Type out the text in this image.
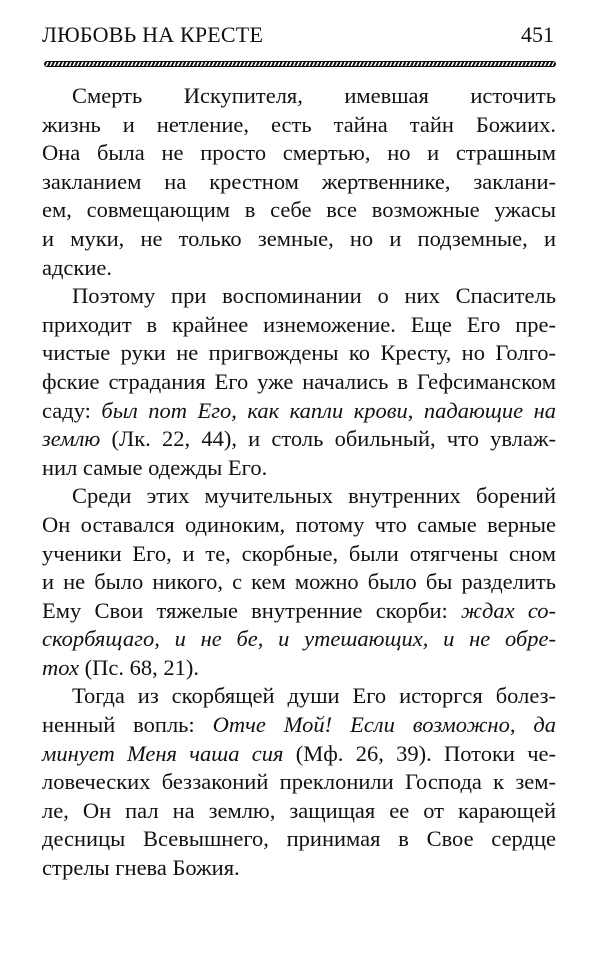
ЛЮБОВЬ НА КРЕСТЕ	451
Смерть Искупителя, имевшая источить
жизнь и нетление, есть тайна тайн Божиих.
Она была не просто смертью, но и страшным
закланием на крестном жертвеннике, заклани-
ем, совмещающим в себе все возможные ужасы
и муки, не только земные, но и подземные, и
адские.
Поэтому при воспоминании о них Спаситель
приходит в крайнее изнеможение. Еще Его пре-
чистые руки не пригвождены ко Кресту, но Голго-
фские страдания Его уже начались в Гефсиманском
саду: был пот Его, как капли крови, падающие на
землю (Лк. 22, 44), и столь обильный, что увлаж-
нил самые одежды Его.
Среди этих мучительных внутренних борений
Он оставался одиноким, потому что самые верные
ученики Его, и те, скорбные, были отягчены сном
и не было никого, с кем можно было бы разделить
Ему Свои тяжелые внутренние скорби: ждах со-
скорбящаго, и не бе, и утешающих, и не обре-
тох (Пс. 68, 21).
Тогда из скорбящей души Его исторгся болез-
ненный вопль: Отче Мой! Если возможно, да
минует Меня чаша сия (Мф. 26, 39). Потоки че-
ловеческих беззаконий преклонили Господа к зем-
ле, Он пал на землю, защищая ее от карающей
десницы Всевышнего, принимая в Свое сердце
стрелы гнева Божия.
